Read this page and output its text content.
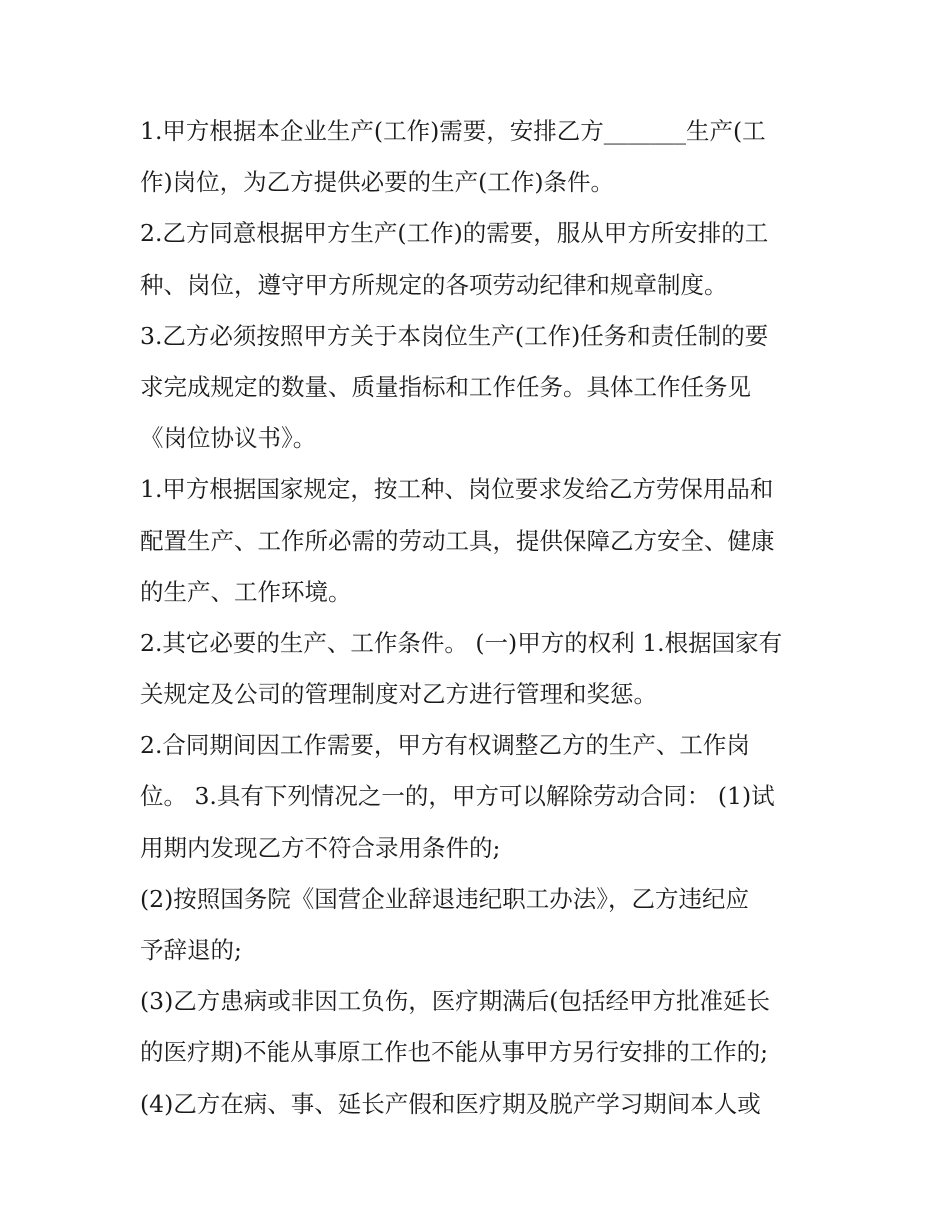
1.甲方根据本企业生产(工作)需要，安排乙方_______生产(工
作)岗位，为乙方提供必要的生产(工作)条件。
2.乙方同意根据甲方生产(工作)的需要，服从甲方所安排的工
种、岗位，遵守甲方所规定的各项劳动纪律和规章制度。
3.乙方必须按照甲方关于本岗位生产(工作)任务和责任制的要
求完成规定的数量、质量指标和工作任务。具体工作任务见
《岗位协议书》。
1.甲方根据国家规定，按工种、岗位要求发给乙方劳保用品和
配置生产、工作所必需的劳动工具，提供保障乙方安全、健康
的生产、工作环境。
2.其它必要的生产、工作条件。 (一)甲方的权利 1.根据国家有
关规定及公司的管理制度对乙方进行管理和奖惩。
2.合同期间因工作需要，甲方有权调整乙方的生产、工作岗
位。 3.具有下列情况之一的，甲方可以解除劳动合同： (1)试
用期内发现乙方不符合录用条件的;
(2)按照国务院《国营企业辞退违纪职工办法》，乙方违纪应
予辞退的;
(3)乙方患病或非因工负伤，医疗期满后(包括经甲方批准延长
的医疗期)不能从事原工作也不能从事甲方另行安排的工作的;
(4)乙方在病、事、延长产假和医疗期及脱产学习期间本人或
